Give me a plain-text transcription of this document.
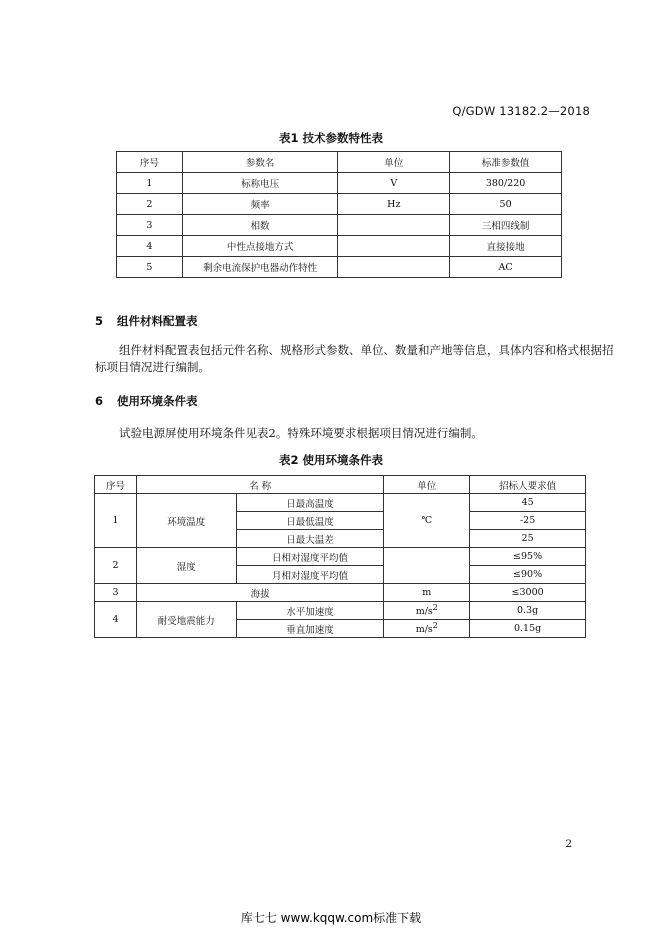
Q/GDW 13182.2—2018
表1 技术参数特性表
序号	参数名	单位	标准参数值
1	标称电压	V	380/220
2	频率	Hz	50
3	相数		三相四线制
4	中性点接地方式		直接接地
5	剩余电流保护电器动作特性		AC
5 组件材料配置表
组件材料配置表包括元件名称、规格形式参数、单位、数量和产地等信息，具体内容和格式根据招
标项目情况进行编制。
6 使用环境条件表
试验电源屏使用环境条件见表2。特殊环境要求根据项目情况进行编制。
表2 使用环境条件表
序号	名 称		单位	招标人要求值
1	环境温度	日最高温度	℃	45
		日最低温度		-25
		日最大温差		25
2	湿度	日相对湿度平均值		≤95%
		月相对湿度平均值		≤90%
3	海拔		m	≤3000
4	耐受地震能力	水平加速度	$m/s^2$	0.3g
		垂直加速度	$m/s^2$	0.15g
2
库七七 www.kqqw.com标准下载
